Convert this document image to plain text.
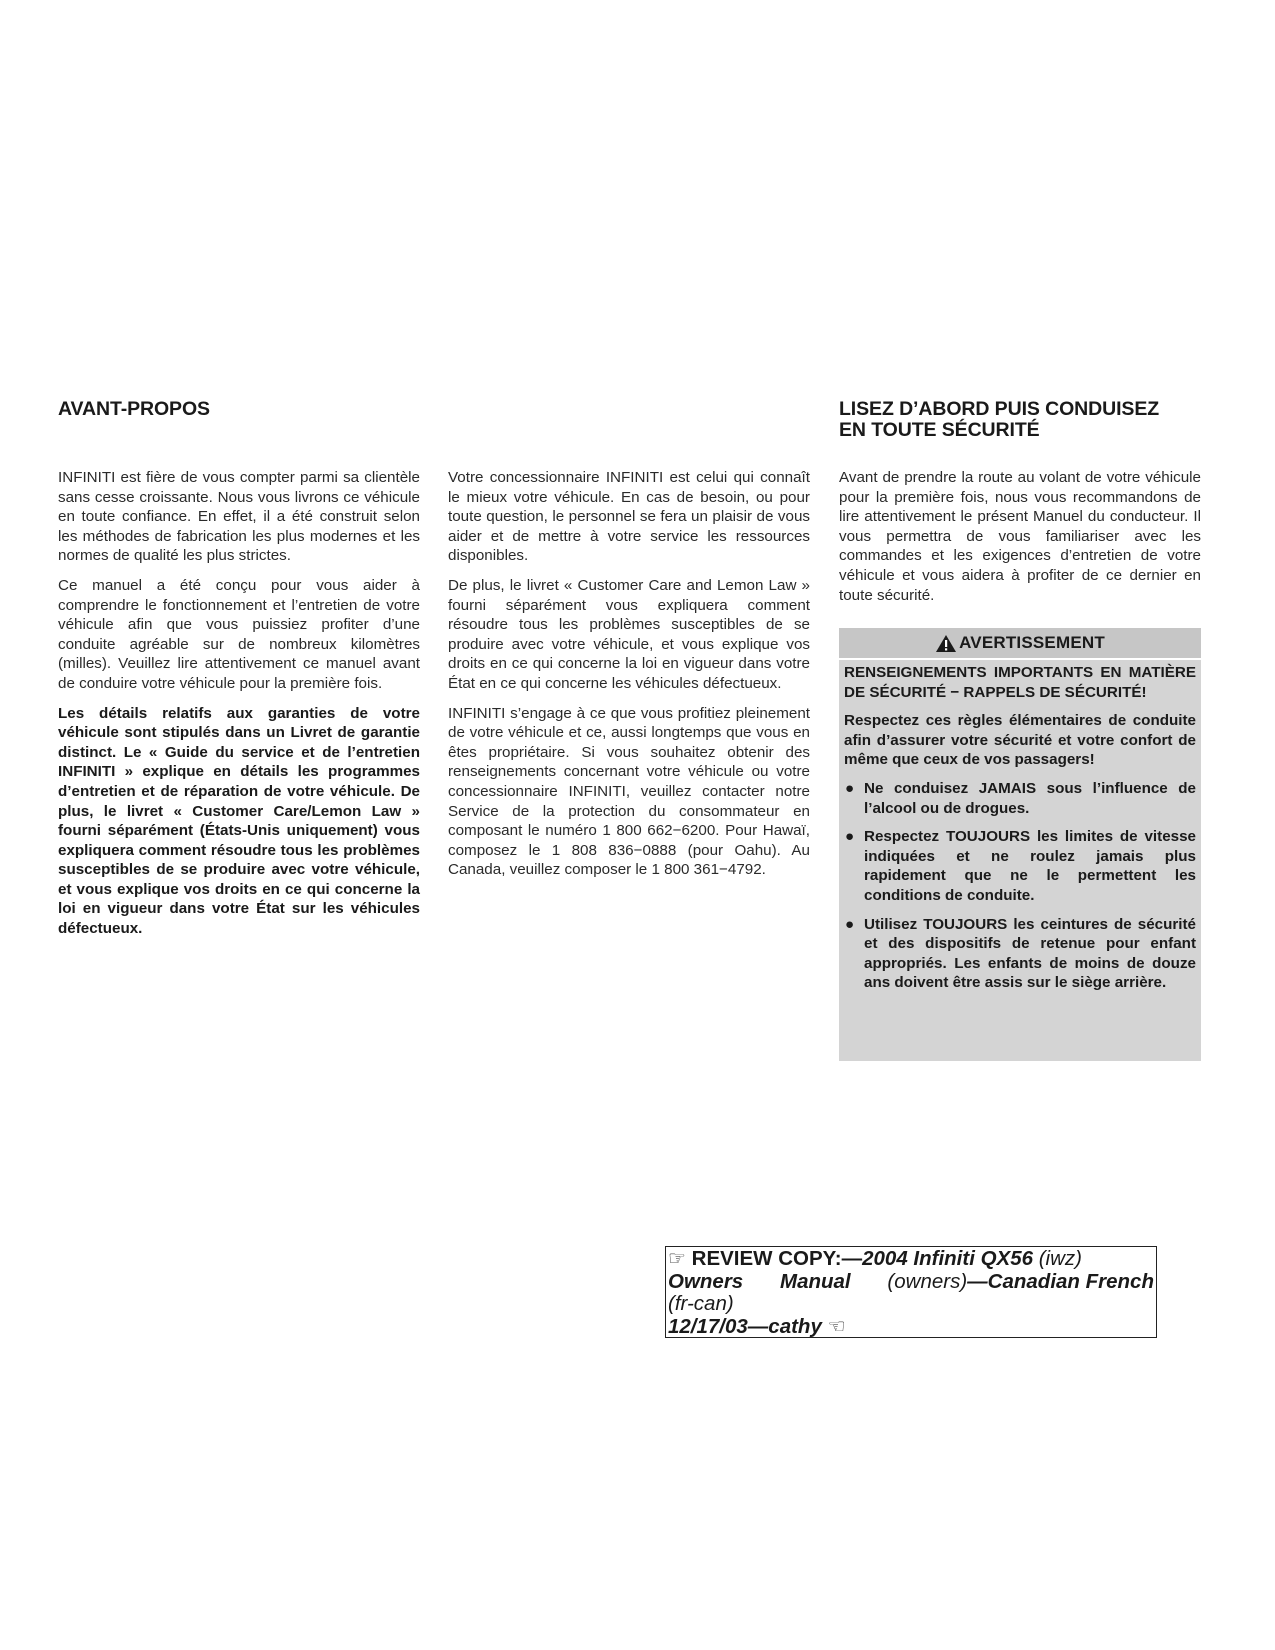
AVANT-PROPOS

INFINITI est fière de vous compter parmi sa clientèle sans cesse croissante. Nous vous livrons ce véhicule en toute confiance. En effet, il a été construit selon les méthodes de fabrication les plus modernes et les normes de qualité les plus strictes.

Ce manuel a été conçu pour vous aider à comprendre le fonctionnement et l’entretien de votre véhicule afin que vous puissiez profiter d’une conduite agréable sur de nombreux kilomètres (milles). Veuillez lire attentivement ce manuel avant de conduire votre véhicule pour la première fois.

Les détails relatifs aux garanties de votre véhicule sont stipulés dans un Livret de garantie distinct. Le « Guide du service et de l’entretien INFINITI » explique en détails les programmes d’entretien et de réparation de votre véhicule. De plus, le livret « Customer Care/Lemon Law » fourni séparément (États-Unis uniquement) vous expliquera comment résoudre tous les problèmes susceptibles de se produire avec votre véhicule, et vous explique vos droits en ce qui concerne la loi en vigueur dans votre État sur les véhicules défectueux.

Votre concessionnaire INFINITI est celui qui connaît le mieux votre véhicule. En cas de besoin, ou pour toute question, le personnel se fera un plaisir de vous aider et de mettre à votre service les ressources disponibles.

De plus, le livret « Customer Care and Lemon Law » fourni séparément vous expliquera comment résoudre tous les problèmes susceptibles de se produire avec votre véhicule, et vous explique vos droits en ce qui concerne la loi en vigueur dans votre État en ce qui concerne les véhicules défectueux.

INFINITI s’engage à ce que vous profitiez pleinement de votre véhicule et ce, aussi longtemps que vous en êtes propriétaire. Si vous souhaitez obtenir des renseignements concernant votre véhicule ou votre concessionnaire INFINITI, veuillez contacter notre Service de la protection du consommateur en composant le numéro 1 800 662−6200. Pour Hawaï, composez le 1 808 836−0888 (pour Oahu). Au Canada, veuillez composer le 1 800 361−4792.

LISEZ D’ABORD PUIS CONDUISEZ
EN TOUTE SÉCURITÉ

Avant de prendre la route au volant de votre véhicule pour la première fois, nous vous recommandons de lire attentivement le présent Manuel du conducteur. Il vous permettra de vous familiariser avec les commandes et les exigences d’entretien de votre véhicule et vous aidera à profiter de ce dernier en toute sécurité.

AVERTISSEMENT

RENSEIGNEMENTS IMPORTANTS EN MATIÈRE DE SÉCURITÉ − RAPPELS DE SÉCURITÉ!

Respectez ces règles élémentaires de conduite afin d’assurer votre sécurité et votre confort de même que ceux de vos passagers!

● Ne conduisez JAMAIS sous l’influence de l’alcool ou de drogues.
● Respectez TOUJOURS les limites de vitesse indiquées et ne roulez jamais plus rapidement que ne le permettent les conditions de conduite.
● Utilisez TOUJOURS les ceintures de sécurité et des dispositifs de retenue pour enfant appropriés. Les enfants de moins de douze ans doivent être assis sur le siège arrière.
☞ REVIEW COPY:—2004 Infiniti QX56 (iwz)
Owners Manual (owners)—Canadian French
(fr-can)
12/17/03—cathy ☜
